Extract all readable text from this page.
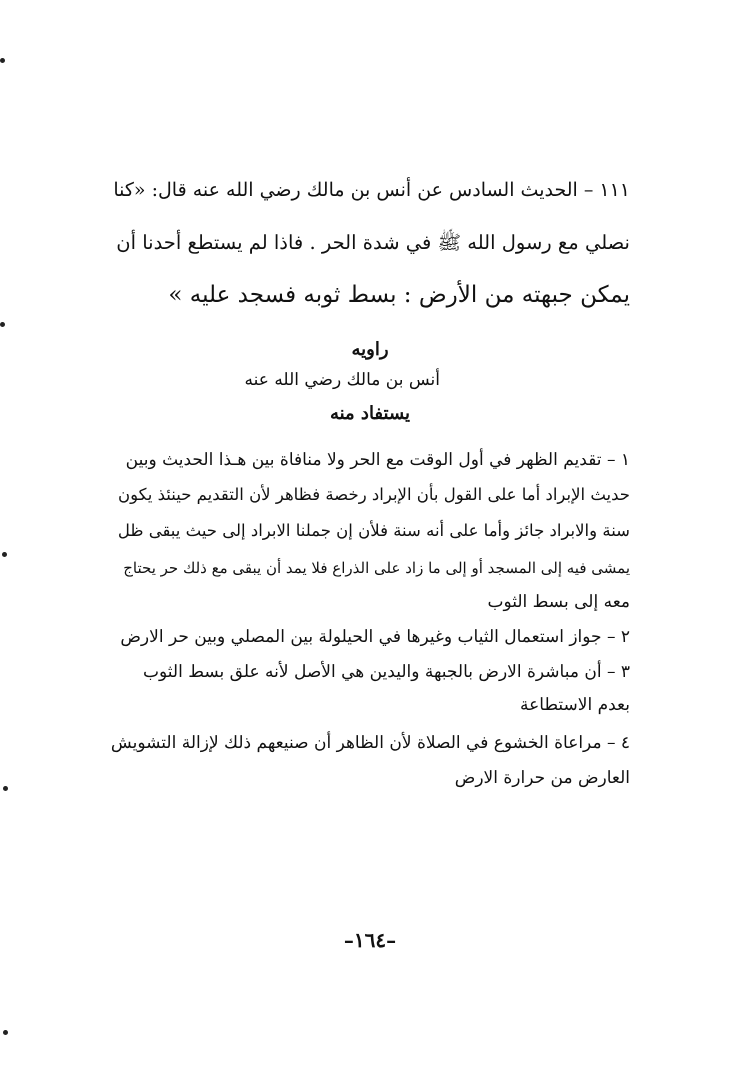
١١١ – الحديث السادس عن أنس بن مالك رضي الله عنه قال: «كنا
نصلي مع رسول الله ﷺ في شدة الحر . فاذا لم يستطع أحدنا أن
يمكن جبهته من الأرض : بسط ثوبه فسجد عليه »
راويه
أنس بن مالك رضي الله عنه
يستفاد منه
١ – تقديم الظهر في أول الوقت مع الحر ولا منافاة بين هـذا الحديث وبين
حديث الإبراد أما على القول بأن الإبراد رخصة فظاهر لأن التقديم حينئذ يكون
سنة والابراد جائز وأما على أنه سنة فلأن إن جملنا الابراد إلى حيث يبقى ظل
يمشى فيه إلى المسجد أو إلى ما زاد على الذراع فلا يمد أن يبقى مع ذلك حر يحتاج
معه إلى بسط الثوب
٢ – جواز استعمال الثياب وغيرها في الحيلولة بين المصلي وبين حر الارض
٣ – أن مباشرة الارض بالجبهة واليدين هي الأصل لأنه علق بسط الثوب
بعدم الاستطاعة
٤ – مراعاة الخشوع في الصلاة لأن الظاهر أن صنيعهم ذلك لإزالة التشويش
العارض من حرارة الارض
–١٦٤–
